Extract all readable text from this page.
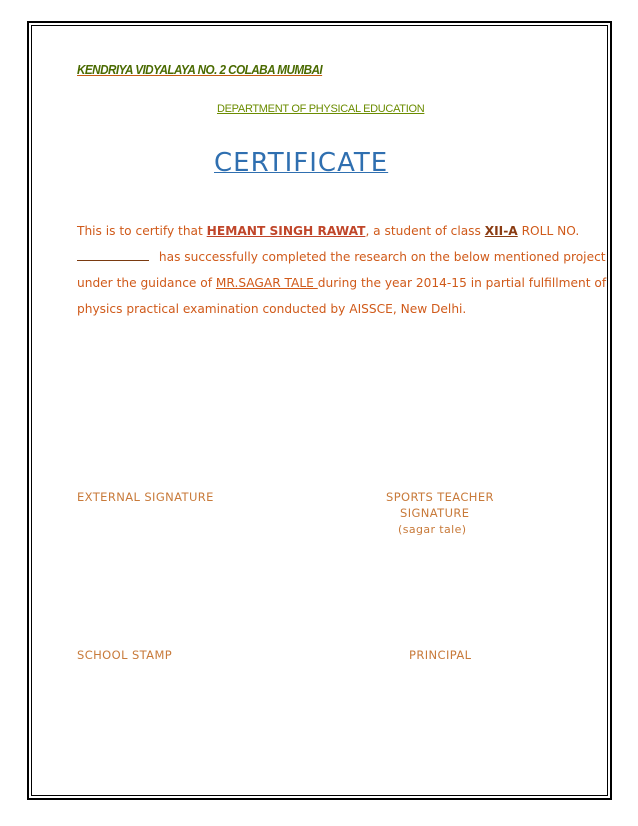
KENDRIYA VIDYALAYA NO. 2 COLABA MUMBAI
DEPARTMENT OF PHYSICAL EDUCATION
CERTIFICATE
This is to certify that HEMANT SINGH RAWAT, a student of class XII-A ROLL NO. has successfully completed the research on the below mentioned project under the guidance of MR.SAGAR TALE during the year 2014-15 in partial fulfillment of physics practical examination conducted by AISSCE, New Delhi.
EXTERNAL SIGNATURE	SPORTS TEACHER
SIGNATURE
(sagar tale)
SCHOOL STAMP	PRINCIPAL
